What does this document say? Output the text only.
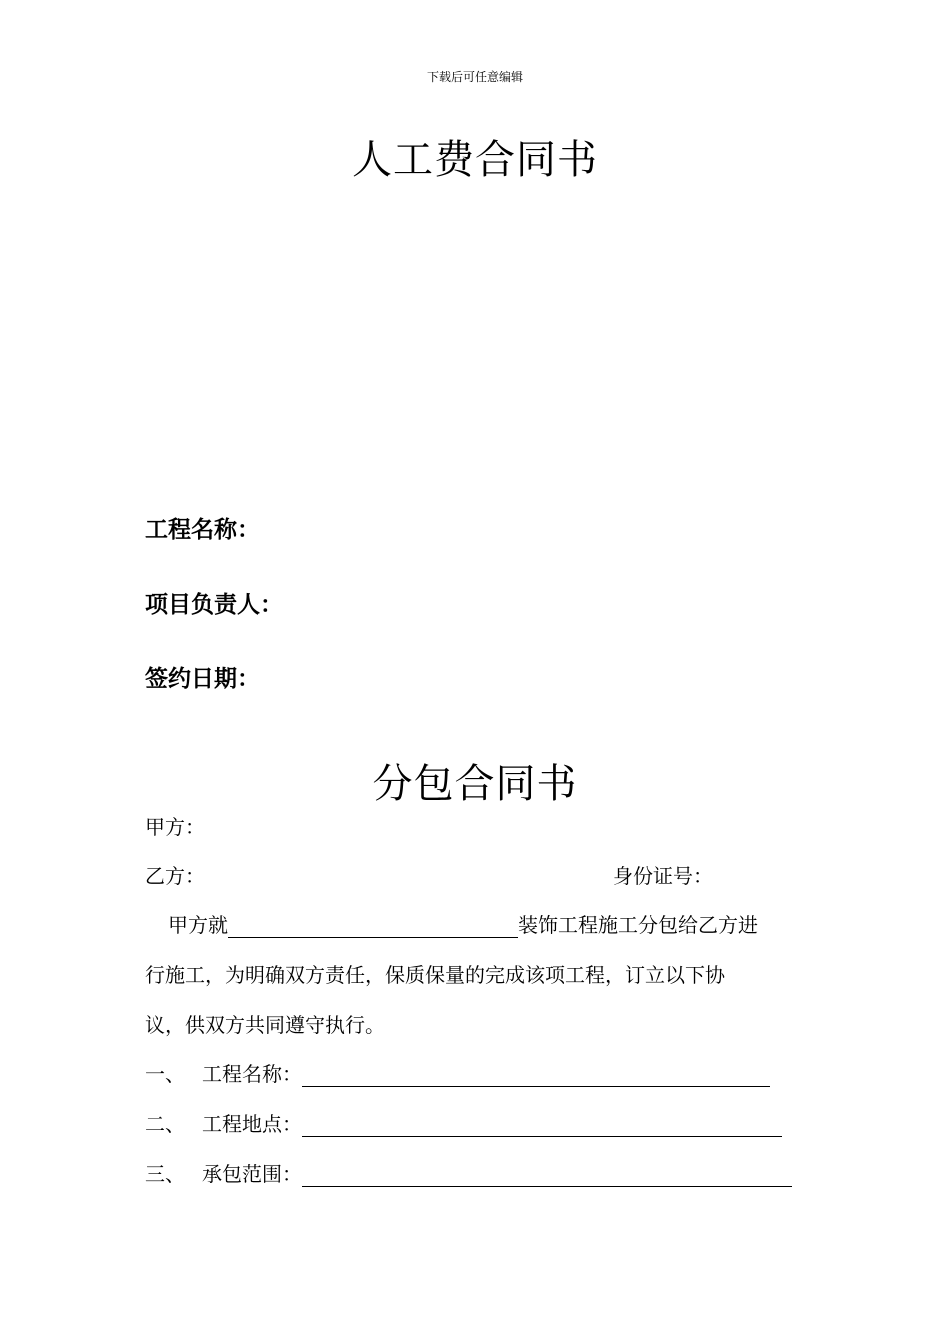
下载后可任意编辑
人工费合同书
工程名称：
项目负责人：
签约日期：
分包合同书
甲方：
乙方：	身份证号：
甲方就	装饰工程施工分包给乙方进
行施工，为明确双方责任，保质保量的完成该项工程，订立以下协
议，供双方共同遵守执行。
一、 工程名称：
二、 工程地点：
三、 承包范围：
